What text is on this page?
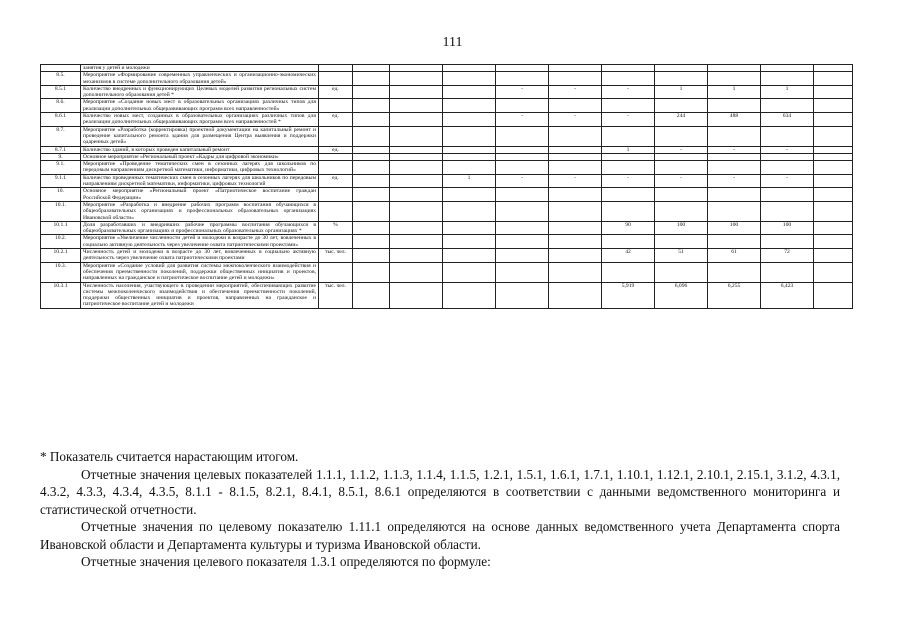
111
	занятия у детей и молодежи											
8.5.	Мероприятие «Формирование современных управленческих и организационно-экономических механизмов в системе дополнительного образования детей»											
8.5.1	Количество внедренных и функционирующих Целевых моделей развития региональных систем дополнительного образования детей *	ед.				-	-	-	1	1	1	
8.6.	Мероприятие «Создание новых мест в образовательных организациях различных типов для реализации дополнительных общеразвивающих программ всех направленностей»											
8.6.1	Количество новых мест, созданных в образовательных организациях различных типов для реализации дополнительных общеразвивающих программ всех направленностей *	ед.				-	-	-	244	488	634	
8.7.	Мероприятие «Разработка (корректировка) проектной документации на капитальный ремонт и проведение капитального ремонта здания для размещения Центра выявления и поддержки одаренных детей»											
8.7.1	Количество зданий, в которых проведен капитальный ремонт	ед.						1	-	-	-	
9.	Основное мероприятие «Региональный проект «Кадры для цифровой экономики»											
9.1.	Мероприятие «Проведение тематических смен в сезонных лагерях для школьников по передовым направлениям дискретной математики, информатики, цифровых технологий»											
9.1.1	Количество проведенных тематических смен в сезонных лагерях для школьников по передовым направлениям дискретной математики, информатики, цифровых технологий	ед.			1	-	-	-	-	-	-	
10.	Основное мероприятие «Региональный проект «Патриотическое воспитание граждан Российской Федерации»											
10.1.	Мероприятие «Разработка и внедрение рабочих программ воспитания обучающихся в общеобразовательных организациях и профессиональных образовательных организациях Ивановской области»											
10.1.1	Доля разработавших и внедривших рабочие программы воспитания обучающихся в общеобразовательных организациях и профессиональных образовательных организациях *	%						90	100	100	100	
10.2.	Мероприятие «Увеличение численности детей и молодежи в возрасте до 30 лет, вовлеченных в социально активную деятельность через увеличение охвата патриотическими проектами»											
10.2.1	Численность детей и молодежи в возрасте до 30 лет, вовлеченных в социально активную деятельность через увеличение охвата патриотическими проектами	тыс. чел.						42	51	61	72	
10.3.	Мероприятие «Создание условий для развития системы межпоколенческого взаимодействия и обеспечения преемственности поколений, поддержки общественных инициатив и проектов, направленных на гражданское и патриотическое воспитание детей и молодежи»											
10.3.1	Численность населения, участвующего в проведении мероприятий, обеспечивающих развитие системы межпоколенческого взаимодействия и обеспечения преемственности поколений, поддержки общественных инициатив и проектов, направленных на гражданское и патриотическое воспитание детей и молодежи	тыс. чел.						5,919	6,096	6,255	6,423	

* Показатель считается нарастающим итогом.

Отчетные значения целевых показателей 1.1.1, 1.1.2, 1.1.3, 1.1.4, 1.1.5, 1.2.1, 1.5.1, 1.6.1, 1.7.1, 1.10.1, 1.12.1, 2.10.1, 2.15.1, 3.1.2, 4.3.1, 4.3.2, 4.3.3, 4.3.4, 4.3.5, 8.1.1 - 8.1.5, 8.2.1, 8.4.1, 8.5.1, 8.6.1 определяются в соответствии с данными ведомственного мониторинга и статистической отчетности.

Отчетные значения по целевому показателю 1.11.1 определяются на основе данных ведомственного учета Департамента спорта Ивановской области и Департамента культуры и туризма Ивановской области.

Отчетные значения целевого показателя 1.3.1 определяются по формуле:
